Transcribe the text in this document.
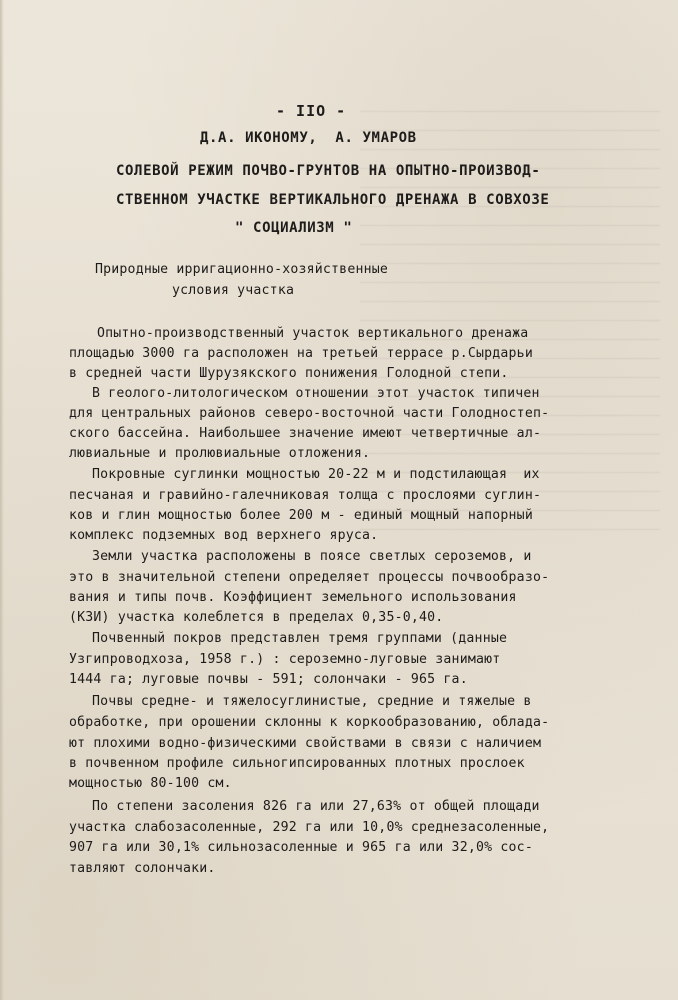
- IIO -
Д.А. ИКОНОМУ,  А. УМАРОВ
СОЛЕВОЙ РЕЖИМ ПОЧВО-ГРУНТОВ НА ОПЫТНО-ПРОИЗВОД-
СТВЕННОМ УЧАСТКЕ ВЕРТИКАЛЬНОГО ДРЕНАЖА В СОВХОЗЕ
" СОЦИАЛИЗМ "
Природные ирригационно-хозяйственные
условия участка
Опытно-производственный участок вертикального дренажа
площадью 3000 га расположен на третьей террасе р.Сырдарьи
в средней части Шурузякского понижения Голодной степи.
В геолого-литологическом отношении этот участок типичен
для центральных районов северо-восточной части Голодностеп-
ского бассейна. Наибольшее значение имеют четвертичные ал-
лювиальные и пролювиальные отложения.
Покровные суглинки мощностью 20-22 м и подстилающая  их
песчаная и гравийно-галечниковая толща с прослоями суглин-
ков и глин мощностью более 200 м - единый мощный напорный
комплекс подземных вод верхнего яруса.
Земли участка расположены в поясе светлых сероземов, и
это в значительной степени определяет процессы почвообразо-
вания и типы почв. Коэффициент земельного использования
(КЗИ) участка колеблется в пределах 0,35-0,40.
Почвенный покров представлен тремя группами (данные
Узгипроводхоза, 1958 г.) : сероземно-луговые занимают
1444 га; луговые почвы - 591; солончаки - 965 га.
Почвы средне- и тяжелосуглинистые, средние и тяжелые в
обработке, при орошении склонны к коркообразованию, облада-
ют плохими водно-физическими свойствами в связи с наличием
в почвенном профиле сильногипсированных плотных прослоек
мощностью 80-100 см.
По степени засоления 826 га или 27,63% от общей площади
участка слабозасоленные, 292 га или 10,0% среднезасоленные,
907 га или 30,1% сильнозасоленные и 965 га или 32,0% сос-
тавляют солончаки.
